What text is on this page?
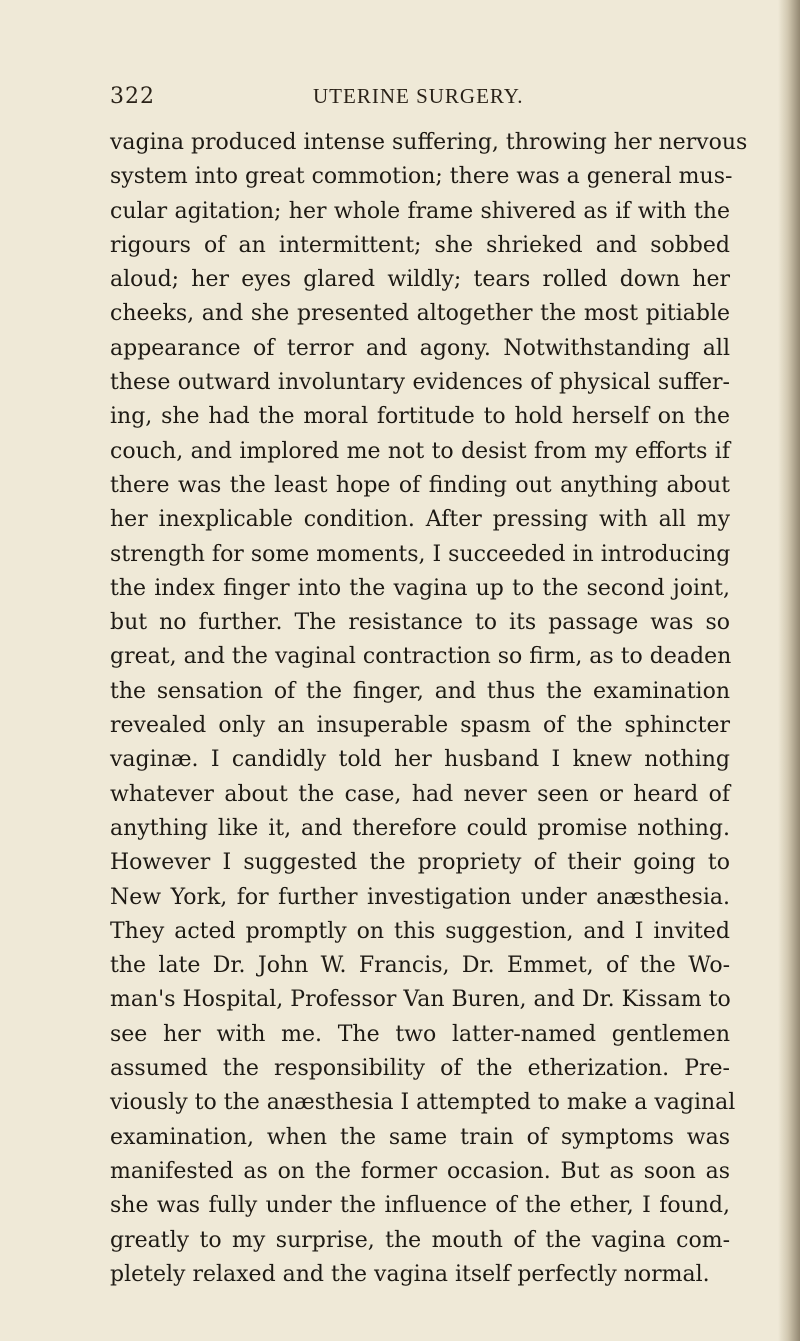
322	UTERINE SURGERY.
vagina produced intense suffering, throwing her nervous
system into great commotion; there was a general mus-
cular agitation; her whole frame shivered as if with the
rigours of an intermittent; she shrieked and sobbed
aloud; her eyes glared wildly; tears rolled down her
cheeks, and she presented altogether the most pitiable
appearance of terror and agony. Notwithstanding all
these outward involuntary evidences of physical suffer-
ing, she had the moral fortitude to hold herself on the
couch, and implored me not to desist from my efforts if
there was the least hope of finding out anything about
her inexplicable condition. After pressing with all my
strength for some moments, I succeeded in introducing
the index finger into the vagina up to the second joint,
but no further. The resistance to its passage was so
great, and the vaginal contraction so firm, as to deaden
the sensation of the finger, and thus the examination
revealed only an insuperable spasm of the sphincter
vaginæ. I candidly told her husband I knew nothing
whatever about the case, had never seen or heard of
anything like it, and therefore could promise nothing.
However I suggested the propriety of their going to
New York, for further investigation under anæsthesia.
They acted promptly on this suggestion, and I invited
the late Dr. John W. Francis, Dr. Emmet, of the Wo-
man's Hospital, Professor Van Buren, and Dr. Kissam to
see her with me. The two latter-named gentlemen
assumed the responsibility of the etherization. Pre-
viously to the anæsthesia I attempted to make a vaginal
examination, when the same train of symptoms was
manifested as on the former occasion. But as soon as
she was fully under the influence of the ether, I found,
greatly to my surprise, the mouth of the vagina com-
pletely relaxed and the vagina itself perfectly normal.
